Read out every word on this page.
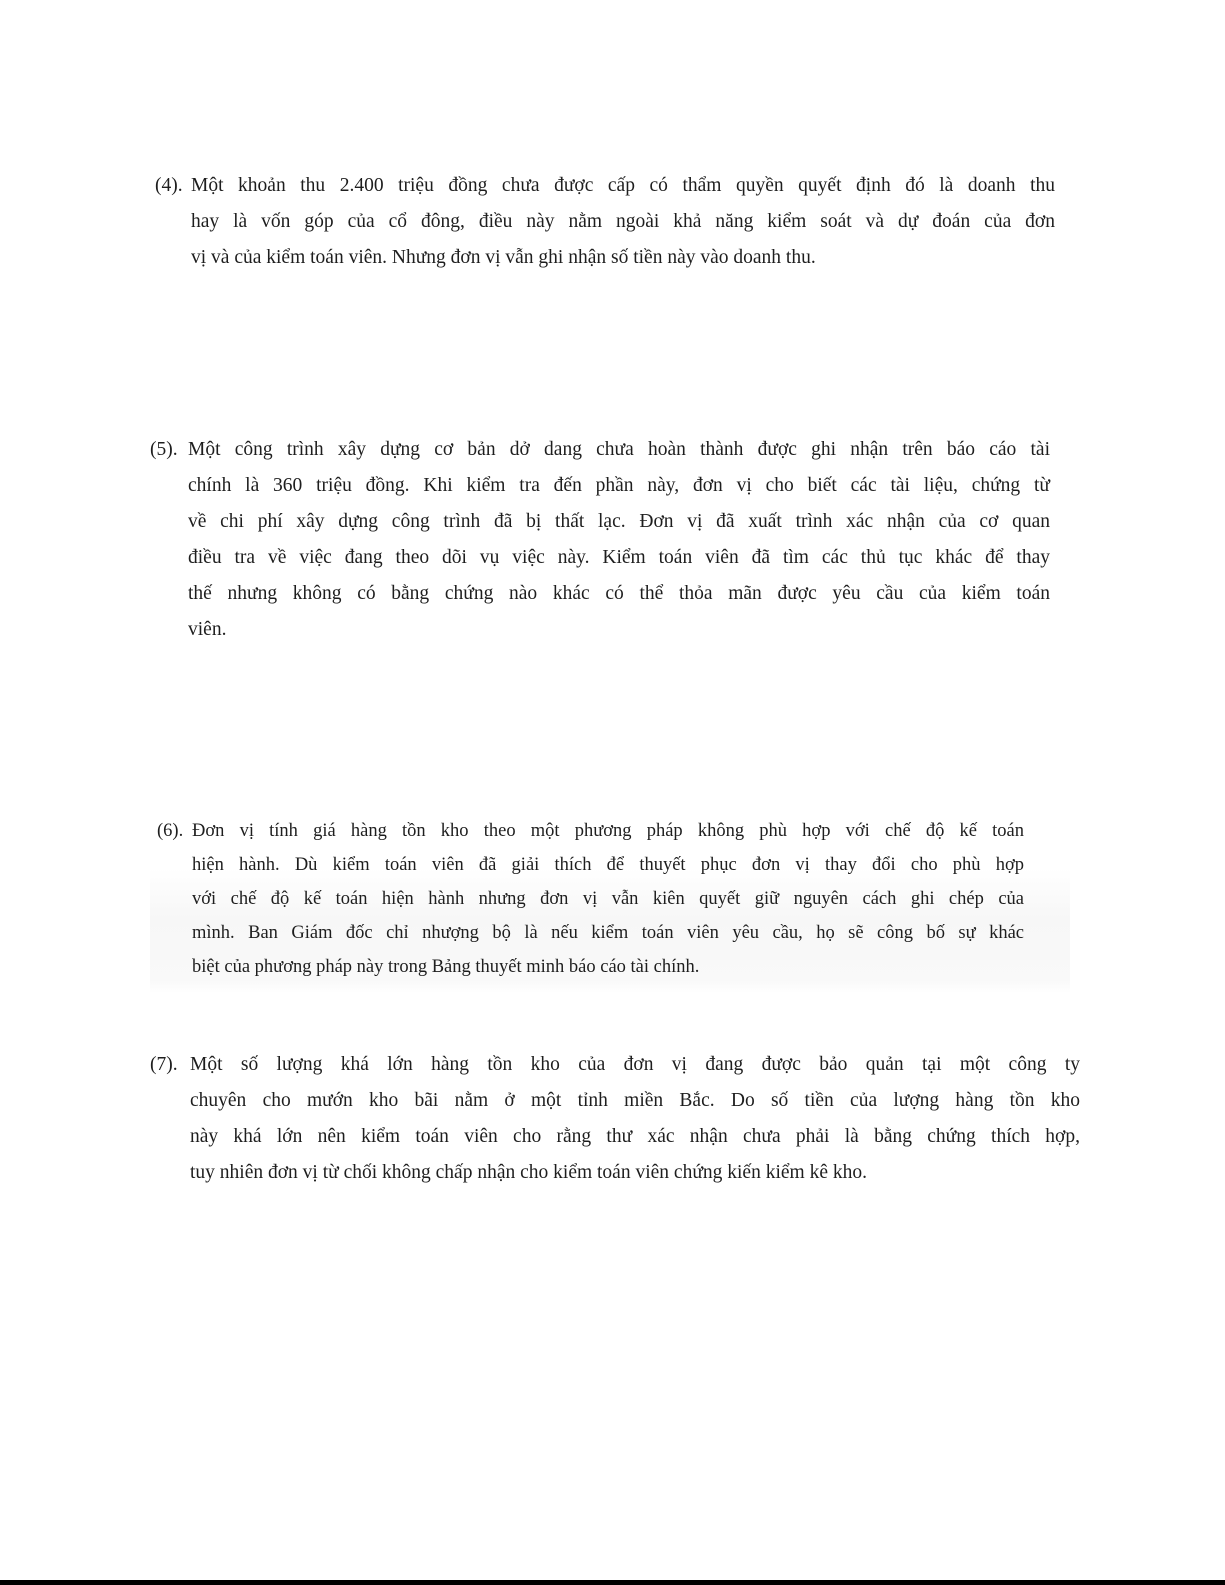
(4). Một khoản thu 2.400 triệu đồng chưa được cấp có thẩm quyền quyết định đó là doanh thu
hay là vốn góp của cổ đông, điều này nằm ngoài khả năng kiểm soát và dự đoán của đơn
vị và của kiểm toán viên. Nhưng đơn vị vẫn ghi nhận số tiền này vào doanh thu.
(5). Một công trình xây dựng cơ bản dở dang chưa hoàn thành được ghi nhận trên báo cáo tài
chính là 360 triệu đồng. Khi kiểm tra đến phần này, đơn vị cho biết các tài liệu, chứng từ
về chi phí xây dựng công trình đã bị thất lạc. Đơn vị đã xuất trình xác nhận của cơ quan
điều tra về việc đang theo dõi vụ việc này. Kiểm toán viên đã tìm các thủ tục khác để thay
thế nhưng không có bằng chứng nào khác có thể thỏa mãn được yêu cầu của kiểm toán
viên.
(6). Đơn vị tính giá hàng tồn kho theo một phương pháp không phù hợp với chế độ kế toán
hiện hành. Dù kiểm toán viên đã giải thích để thuyết phục đơn vị thay đổi cho phù hợp
với chế độ kế toán hiện hành nhưng đơn vị vẫn kiên quyết giữ nguyên cách ghi chép của
mình. Ban Giám đốc chỉ nhượng bộ là nếu kiểm toán viên yêu cầu, họ sẽ công bố sự khác
biệt của phương pháp này trong Bảng thuyết minh báo cáo tài chính.
(7). Một số lượng khá lớn hàng tồn kho của đơn vị đang được bảo quản tại một công ty
chuyên cho mướn kho bãi nằm ở một tỉnh miền Bắc. Do số tiền của lượng hàng tồn kho
này khá lớn nên kiểm toán viên cho rằng thư xác nhận chưa phải là bằng chứng thích hợp,
tuy nhiên đơn vị từ chối không chấp nhận cho kiểm toán viên chứng kiến kiểm kê kho.
